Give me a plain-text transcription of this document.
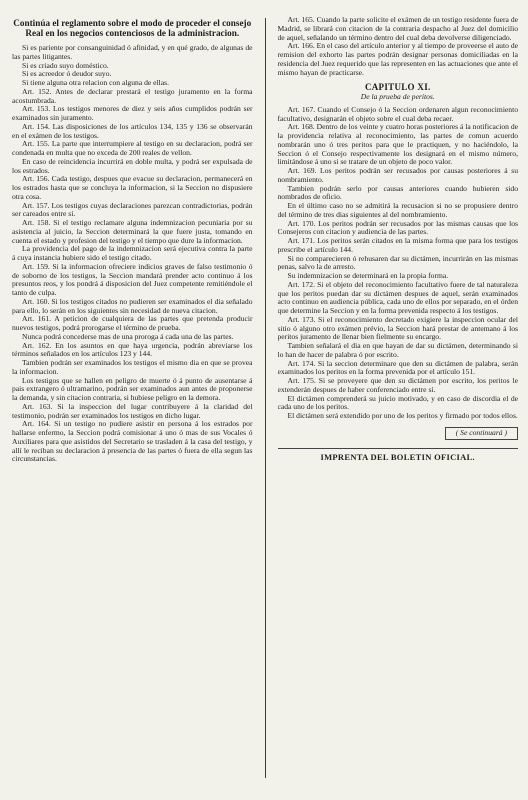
Continúa el reglamento sobre el modo de proceder el consejo Real en los negocios contenciosos de la administracion.

Si es pariente por consanguinidad ó afinidad, y en qué grado, de algunas de las partes litigantes.

Si es criado suyo doméstico.

Si es acreedor ó deudor suyo.

Si tiene alguna otra relacion con alguna de ellas.

Art. 152. Antes de declarar prestará el testigo juramento en la forma acostumbrada.

Art. 153. Los testigos menores de diez y seis años cumplidos podrán ser examinados sin juramento.

Art. 154. Las disposiciones de los artículos 134, 135 y 136 se observarán en el exámen de los testigos.

Art. 155. La parte que interrumpiere al testigo en su declaracion, podrá ser condenada en multa que no exceda de 200 reales de vellon.

En caso de reincidencia incurrirá en doble multa, y podrá ser expulsada de los estrados.

Art. 156. Cada testigo, despues que evacue su declaracion, permanecerá en los estrados hasta que se concluya la informacion, si la Seccion no dispusiere otra cosa.

Art. 157. Los testigos cuyas declaraciones parezcan contradictorias, podrán ser careados entre sí.

Art. 158. Si el testigo reclamare alguna indemnizacion pecuniaria por su asistencia al juicio, la Seccion determinará la que fuere justa, tomando en cuenta el estado y profesion del testigo y el tiempo que dure la informacion.

La providencia del pago de la indemnizacion será ejecutiva contra la parte á cuya instancia hubiere sido el testigo citado.

Art. 159. Si la informacion ofreciere indicios graves de falso testimonio ó de soborno de los testigos, la Seccion mandará prender acto continuo á los presuntos reos, y los pondrá á disposicion del Juez competente remitiéndole el tanto de culpa.

Art. 160. Si los testigos citados no pudieren ser examinados el dia señalado para ello, lo serán en los siguientes sin necesidad de nueva citacion.

Art. 161. A peticion de cualquiera de las partes que pretenda producir nuevos testigos, podrá prorogarse el término de prueba.

Nunca podrá concederse mas de una proroga á cada una de las partes.

Art. 162. En los asuntos en que haya urgencia, podrán abreviarse los términos señalados en los artículos 123 y 144.

Tambien podrán ser examinados los testigos el mismo dia en que se provea la informacion.

Los testigos que se hallen en peligro de muerte ó á punto de ausentarse á pais extrangero ó ultramarino, podrán ser examinados aun antes de proponerse la demanda, y sin citacion contraria, si hubiese peligro en la demora.

Art. 163. Si la inspeccion del lugar contribuyere á la claridad del testimonio, podrán ser examinados los testigos en dicho lugar.

Art. 164. Si un testigo no pudiere asistir en persona á los estrados por hallarse enfermo, la Seccion podrá comisionar á uno ó mas de sus Vocales ó Auxiliares para que asistidos del Secretario se trasladen á la casa del testigo, y allí le reciban su declaracion á presencia de las partes ó fuera de ella segun las circunstancias.

Art. 165. Cuando la parte solicite el exámen de un testigo residente fuera de Madrid, se librará con citacion de la contraria despacho al Juez del domicilio de aquel, señalando un término dentro del cual deba devolverse diligenciado.

Art. 166. En el caso del artículo anterior y al tiempo de proveerse el auto de remision del exhorto las partes podrán designar personas domiciliadas en la residencia del Juez requerido que las representen en las actuaciones que ante el mismo hayan de practicarse.

CAPITULO XI.
De la prueba de peritos.

Art. 167. Cuando el Consejo ó la Seccion ordenaren algun reconocimiento facultativo, designarán el objeto sobre el cual deba recaer.

Art. 168. Dentro de los veinte y cuatro horas posteriores á la notificacion de la providencia relativa al reconocimiento, las partes de comun acuerdo nombrarán uno ó tres peritos para que le practiquen, y no haciéndolo, la Seccion ó el Consejo respectivamente los designará en el mismo número, limitándose á uno si se tratare de un objeto de poco valor.

Art. 169. Los peritos podrán ser recusados por causas posteriores á su nombramiento.

Tambien podrán serlo por causas anteriores cuando hubieren sido nombrados de oficio.

En el último caso no se admitirá la recusacion si no se propusiere dentro del término de tres dias siguientes al del nombramiento.

Art. 170. Los peritos podrán ser recusados por las mismas causas que los Consejeros con citacion y audiencia de las partes.

Art. 171. Los peritos serán citados en la misma forma que para los testigos prescribe el artículo 144.

Si no comparecieren ó rehusaren dar su dictámen, incurrirán en las mismas penas, salvo la de arresto.

Su indemnizacion se determinará en la propia forma.

Art. 172. Si el objeto del reconocimiento facultativo fuere de tal naturaleza que los peritos puedan dar su dictámen despues de aquel, serán examinados acto continuo en audiencia pública, cada uno de ellos por separado, en el órden que determine la Seccion y en la forma prevenida respecto á los testigos.

Art. 173. Si el reconocimiento decretado exigiere la inspeccion ocular del sitio ó alguno otro exámen prévio, la Seccion hará prestar de antemano á los peritos juramento de llenar bien fielmente su encargo.

Tambien señalará el dia en que hayan de dar su dictámen, determinando si lo han de hacer de palabra ó por escrito.

Art. 174. Si la seccion determinare que den su dictámen de palabra, serán examinados los peritos en la forma prevenida por el artículo 151.

Art. 175. Si se proveyere que den su dictámen por escrito, los peritos le extenderán despues de haber conferenciado entre sí.

El dictámen comprenderá su juicio motivado, y en caso de discordia el de cada uno de los peritos.

El dictámen será extendido por uno de los peritos y firmado por todos ellos.

( Se continuará )
IMPRENTA DEL BOLETIN OFICIAL.
